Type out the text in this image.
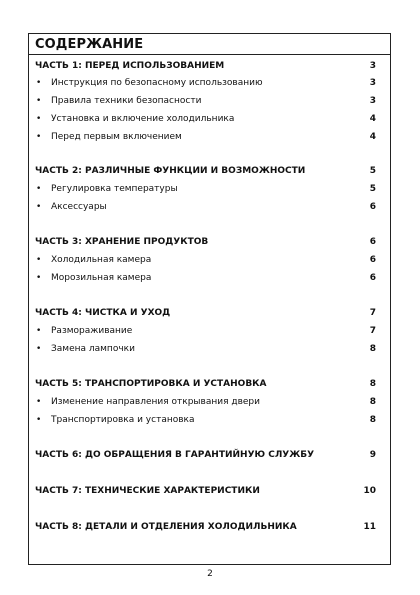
СОДЕРЖАНИЕ
ЧАСТЬ 1: ПЕРЕД ИСПОЛЬЗОВАНИЕМ	3
• Инструкция по безопасному использованию	3
• Правила техники безопасности	3
• Установка и включение холодильника	4
• Перед первым включением	4
ЧАСТЬ 2: РАЗЛИЧНЫЕ ФУНКЦИИ И ВОЗМОЖНОСТИ	5
• Регулировка температуры	5
• Аксессуары	6
ЧАСТЬ 3: ХРАНЕНИЕ ПРОДУКТОВ	6
• Холодильная камера	6
• Морозильная камера	6
ЧАСТЬ 4: ЧИСТКА И УХОД	7
• Размораживание	7
• Замена лампочки	8
ЧАСТЬ 5: ТРАНСПОРТИРОВКА И УСТАНОВКА	8
• Изменение направления открывания двери	8
• Транспортировка и установка	8
ЧАСТЬ 6: ДО ОБРАЩЕНИЯ В ГАРАНТИЙНУЮ СЛУЖБУ	9
ЧАСТЬ 7: ТЕХНИЧЕСКИЕ ХАРАКТЕРИСТИКИ	10
ЧАСТЬ 8: ДЕТАЛИ И ОТДЕЛЕНИЯ ХОЛОДИЛЬНИКА	11
2
